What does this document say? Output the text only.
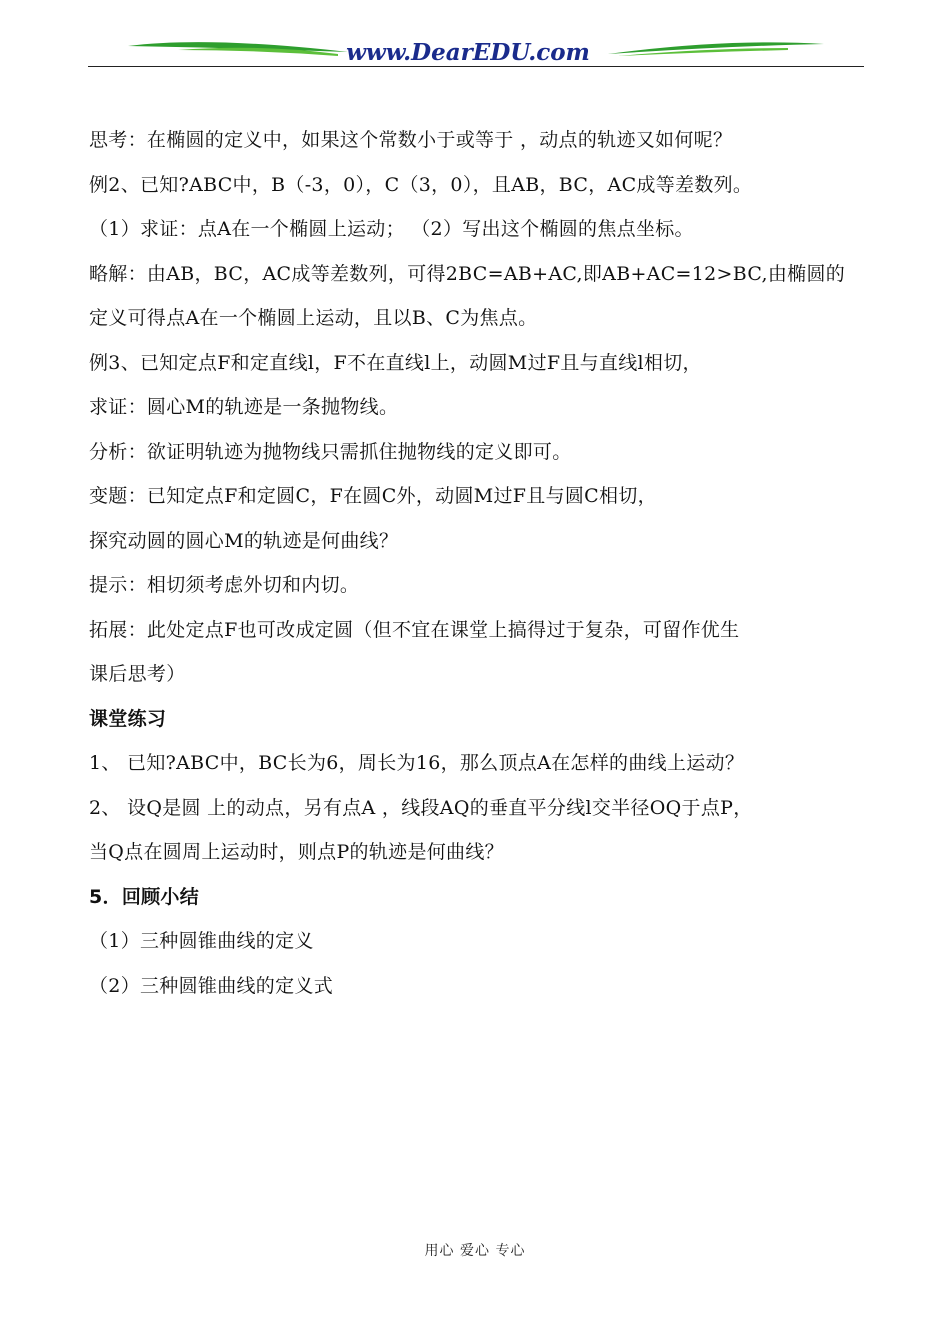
www.DearEDU.com
思考：在椭圆的定义中，如果这个常数小于或等于 ，动点的轨迹又如何呢？
例2、已知?ABC中，B（-3，0），C（3，0），且AB，BC，AC成等差数列。
（1）求证：点A在一个椭圆上运动； （2）写出这个椭圆的焦点坐标。
略解：由AB，BC，AC成等差数列，可得2BC=AB+AC,即AB+AC=12>BC,由椭圆的
定义可得点A在一个椭圆上运动，且以B、C为焦点。
例3、已知定点F和定直线l，F不在直线l上，动圆M过F且与直线l相切，
求证：圆心M的轨迹是一条抛物线。
分析：欲证明轨迹为抛物线只需抓住抛物线的定义即可。
变题：已知定点F和定圆C，F在圆C外，动圆M过F且与圆C相切，
探究动圆的圆心M的轨迹是何曲线？
提示：相切须考虑外切和内切。
拓展：此处定点F也可改成定圆（但不宜在课堂上搞得过于复杂，可留作优生
课后思考）
课堂练习
1、 已知?ABC中，BC长为6，周长为16，那么顶点A在怎样的曲线上运动？
2、 设Q是圆 上的动点，另有点A ，线段AQ的垂直平分线l交半径OQ于点P，
当Q点在圆周上运动时，则点P的轨迹是何曲线？
5．回顾小结
（1）三种圆锥曲线的定义
（2）三种圆锥曲线的定义式
用心 爱心 专心
